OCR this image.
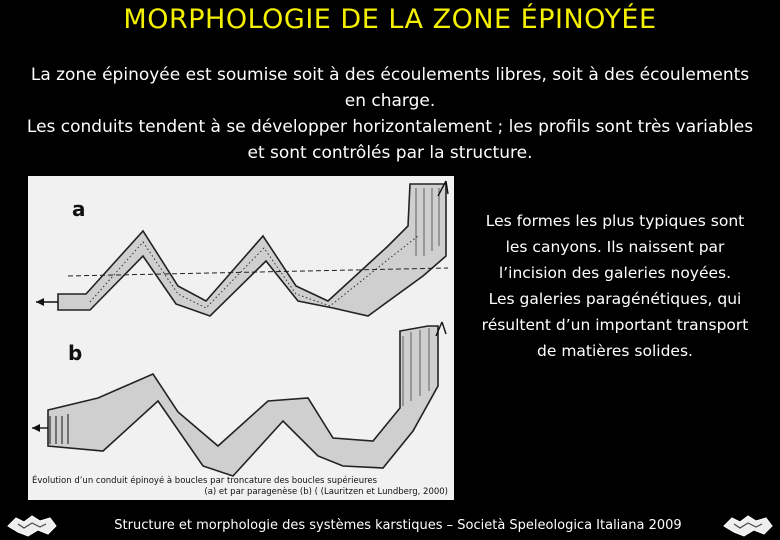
MORPHOLOGIE DE LA ZONE ÉPINOYÉE

La zone épinoyée est soumise soit à des écoulements libres, soit à des écoulements en charge.

Les conduits tendent à se développer horizontalement ; les profils sont très variables et sont contrôlés par la structure.

a
b
Évolution d’un conduit épinoyé à boucles par troncature des boucles supérieures
(a) et par paragenèse (b) ( (Lauritzen et Lundberg, 2000)

Les formes les plus typiques sont les canyons. Ils naissent par l’incision des galeries noyées.

Les galeries paragénétiques, qui résultent d’un important transport de matières solides.

Structure et morphologie des systèmes karstiques – Società Speleologica Italiana 2009
